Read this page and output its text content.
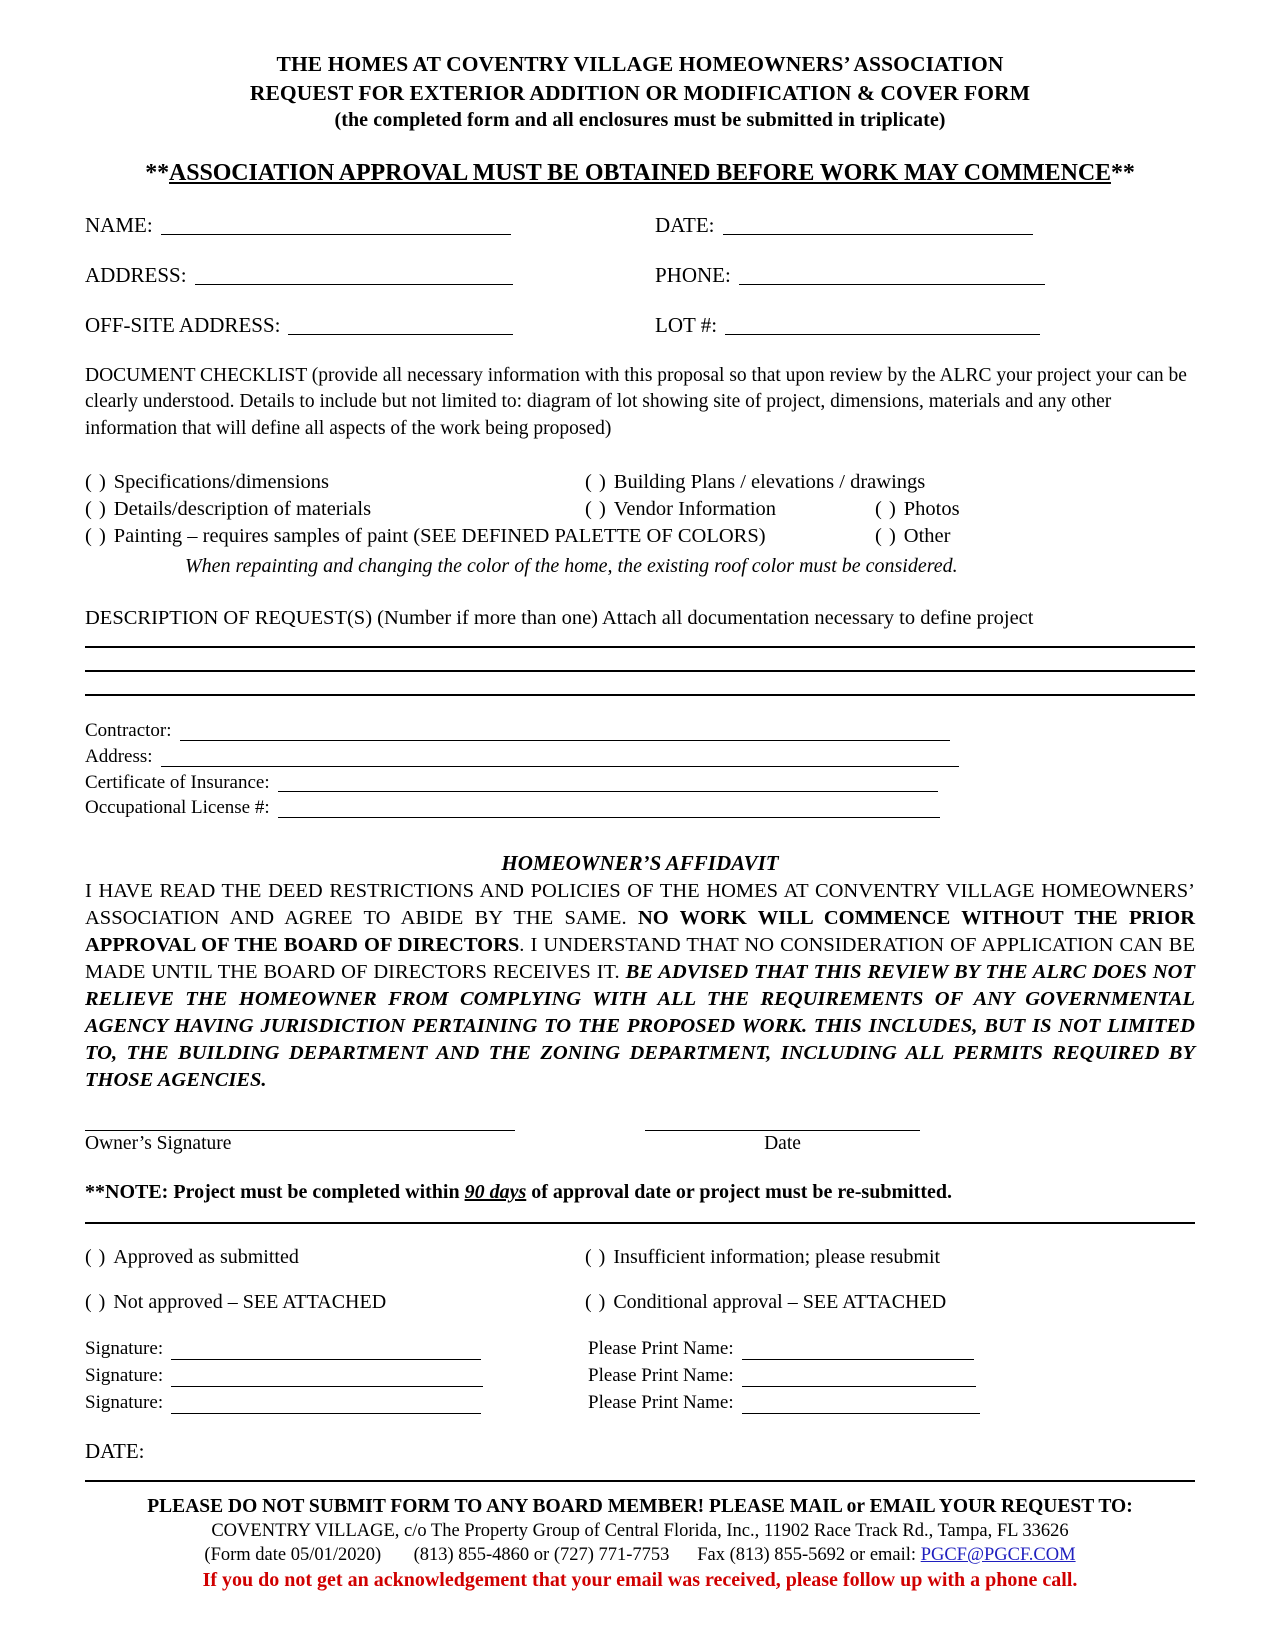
THE HOMES AT COVENTRY VILLAGE HOMEOWNERS’ ASSOCIATION
REQUEST FOR EXTERIOR ADDITION OR MODIFICATION & COVER FORM
(the completed form and all enclosures must be submitted in triplicate)
**ASSOCIATION APPROVAL MUST BE OBTAINED BEFORE WORK MAY COMMENCE**
NAME:	DATE:
ADDRESS:	PHONE:
OFF-SITE ADDRESS:	LOT #:
DOCUMENT CHECKLIST (provide all necessary information with this proposal so that upon review by the ALRC your project your can be clearly understood. Details to include but not limited to: diagram of lot showing site of project, dimensions, materials and any other information that will define all aspects of the work being proposed)
( ) Specifications/dimensions	( ) Building Plans / elevations / drawings
( ) Details/description of materials	( ) Vendor Information	( ) Photos
( ) Painting – requires samples of paint (SEE DEFINED PALETTE OF COLORS)	( ) Other
When repainting and changing the color of the home, the existing roof color must be considered.
DESCRIPTION OF REQUEST(S) (Number if more than one) Attach all documentation necessary to define project
Contractor:
Address:
Certificate of Insurance:
Occupational License #:
HOMEOWNER’S AFFIDAVIT
I HAVE READ THE DEED RESTRICTIONS AND POLICIES OF THE HOMES AT CONVENTRY VILLAGE HOMEOWNERS’ ASSOCIATION AND AGREE TO ABIDE BY THE SAME. NO WORK WILL COMMENCE WITHOUT THE PRIOR APPROVAL OF THE BOARD OF DIRECTORS. I UNDERSTAND THAT NO CONSIDERATION OF APPLICATION CAN BE MADE UNTIL THE BOARD OF DIRECTORS RECEIVES IT. BE ADVISED THAT THIS REVIEW BY THE ALRC DOES NOT RELIEVE THE HOMEOWNER FROM COMPLYING WITH ALL THE REQUIREMENTS OF ANY GOVERNMENTAL AGENCY HAVING JURISDICTION PERTAINING TO THE PROPOSED WORK. THIS INCLUDES, BUT IS NOT LIMITED TO, THE BUILDING DEPARTMENT AND THE ZONING DEPARTMENT, INCLUDING ALL PERMITS REQUIRED BY THOSE AGENCIES.
Owner’s Signature	Date
**NOTE: Project must be completed within 90 days of approval date or project must be re-submitted.
( ) Approved as submitted	( ) Insufficient information; please resubmit
( ) Not approved – SEE ATTACHED	( ) Conditional approval – SEE ATTACHED
Signature:	Please Print Name:
Signature:	Please Print Name:
Signature:	Please Print Name:
DATE:
PLEASE DO NOT SUBMIT FORM TO ANY BOARD MEMBER! PLEASE MAIL or EMAIL YOUR REQUEST TO:
COVENTRY VILLAGE, c/o The Property Group of Central Florida, Inc., 11902 Race Track Rd., Tampa, FL 33626
(Form date 05/01/2020) (813) 855-4860 or (727) 771-7753 Fax (813) 855-5692 or email: PGCF@PGCF.COM
If you do not get an acknowledgement that your email was received, please follow up with a phone call.
